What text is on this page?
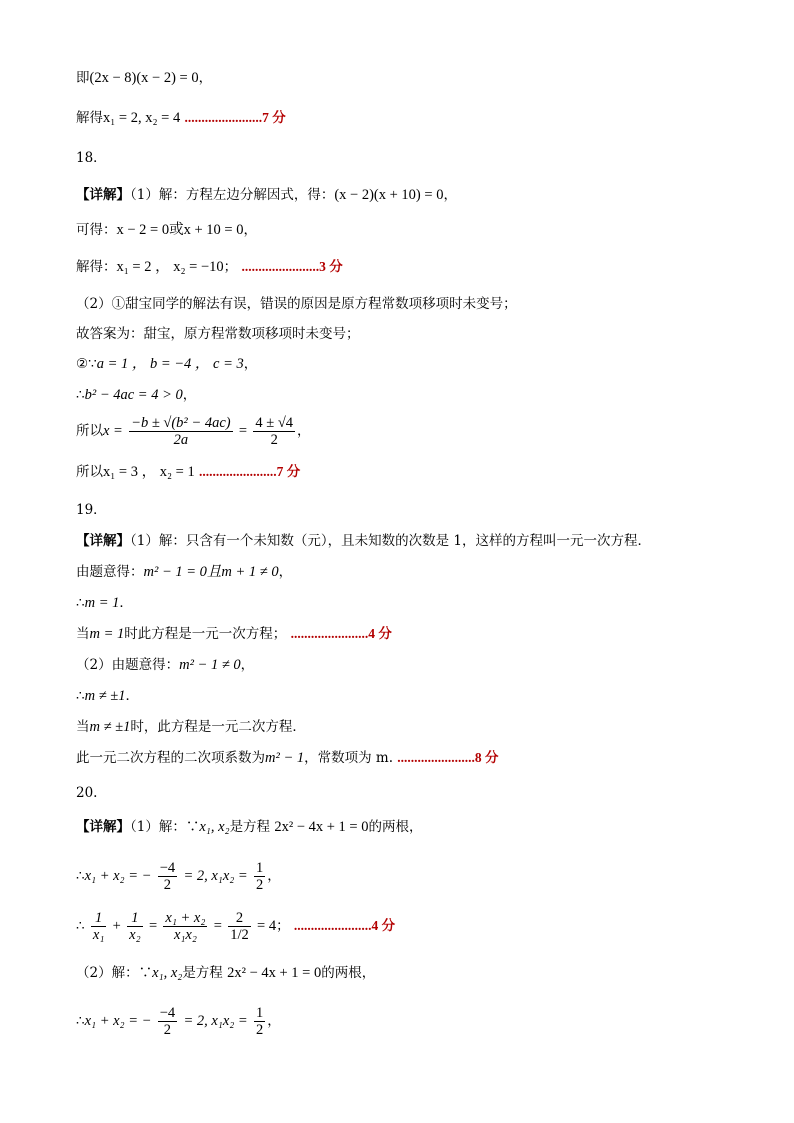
即(2x − 8)(x − 2) = 0，
解得x₁ = 2, x₂ = 4 .......................7 分
18．
【详解】（1）解：方程左边分解因式，得：(x − 2)(x + 10) = 0，
可得：x − 2 = 0或x + 10 = 0，
解得：x₁ = 2 ， x₂ = −10； .......................3 分
（2）①甜宝同学的解法有误，错误的原因是原方程常数项移项时未变号；
故答案为：甜宝，原方程常数项移项时未变号；
②∵a = 1 ， b = −4 ， c = 3，
∴b² − 4ac = 4 > 0，
所以$x = \frac{\text{−b ± √(b² − 4ac)}}{2a} = \frac{4 \pm √4}{2}$ ，
所以x₁ = 3 ， x₂ = 1 .......................7 分
19．
【详解】（1）解：只含有一个未知数（元），且未知数的次数是 1，这样的方程叫一元一次方程．
由题意得：m² − 1 = 0且m + 1 ≠ 0，
∴m = 1．
当m = 1时此方程是一元一次方程； .......................4 分
（2）由题意得：m² − 1 ≠ 0，
∴m ≠ ±1．
当m ≠ ±1时，此方程是一元二次方程．
此一元二次方程的二次项系数为m² − 1，常数项为 m. .......................8 分
20.
【详解】（1）解：∵x₁, x₂是方程 2x² − 4x + 1 = 0的两根，
∴x₁ + x₂ = − $\frac{-4}{2} = 2$, $x_1x_2 = \frac{1}{2}$ ，
∴ $\frac{1}{\text{x₁}} + \frac{1}{\text{x₂}} = \frac{\text{x₁ + x₂}}{\text{x₁x₂}} = \frac{2}{1/2} = 4$； .......................4 分
（2）解：∵x₁, x₂是方程 2x² − 4x + 1 = 0的两根，
∴x₁ + x₂ = − $\frac{-4}{2} = 2$, $x_1x_2 = \frac{1}{2}$ ，
